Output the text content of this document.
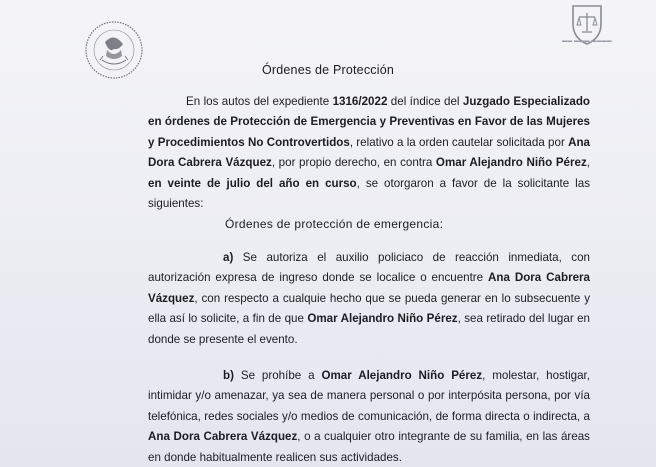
▬▬ ▬▬▬ ▬▬▬▬
Órdenes de Protección

En los autos del expediente 1316/2022 del índice del Juzgado Especializado en órdenes de Protección de Emergencia y Preventivas en Favor de las Mujeres y Procedimientos No Controvertidos, relativo a la orden cautelar solicitada por Ana Dora Cabrera Vázquez, por propio derecho, en contra Omar Alejandro Niño Pérez, en veinte de julio del año en curso, se otorgaron a favor de la solicitante las siguientes:

Órdenes de protección de emergencia:

a) Se autoriza el auxilio policiaco de reacción inmediata, con autorización expresa de ingreso donde se localice o encuentre Ana Dora Cabrera Vázquez, con respecto a cualquie hecho que se pueda generar en lo subsecuente y ella así lo solicite, a fin de que Omar Alejandro Niño Pérez, sea retirado del lugar en donde se presente el evento.

b) Se prohíbe a Omar Alejandro Niño Pérez, molestar, hostigar, intimidar y/o amenazar, ya sea de manera personal o por interpósita persona, por vía telefónica, redes sociales y/o medios de comunicación, de forma directa o indirecta, a Ana Dora Cabrera Vázquez, o a cualquier otro integrante de su familia, en las áreas en donde habitualmente realicen sus actividades.
